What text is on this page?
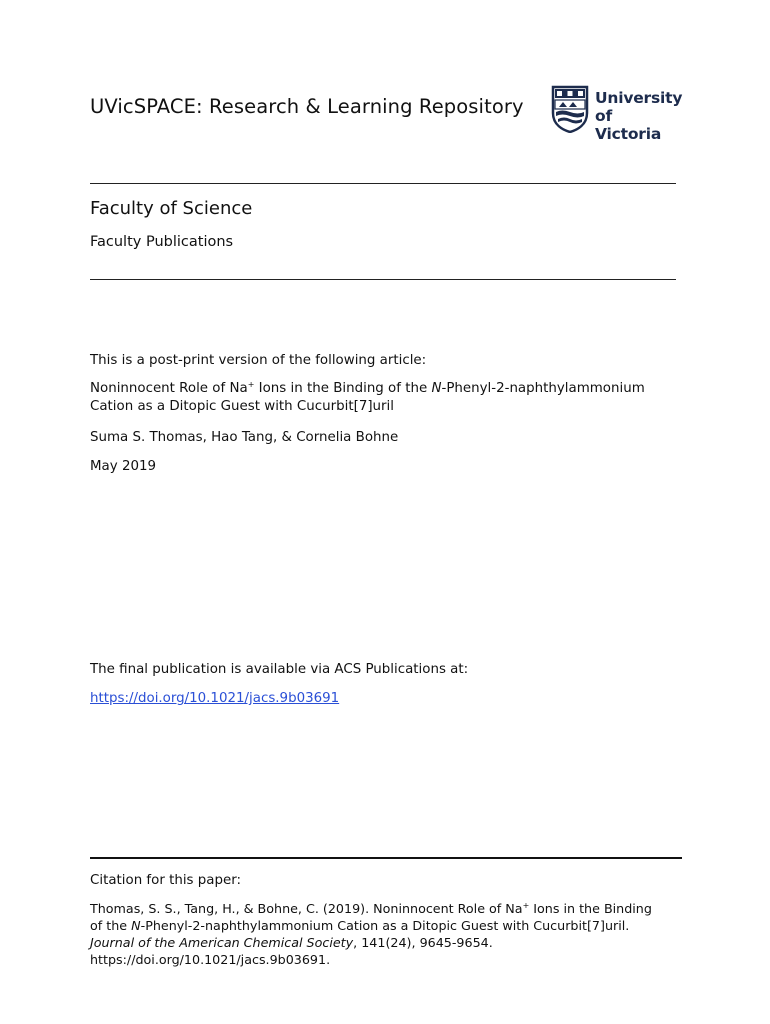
UVicSPACE: Research & Learning Repository	University
of Victoria
Faculty of Science
Faculty Publications
This is a post-print version of the following article:
Noninnocent Role of Na+ Ions in the Binding of the N-Phenyl-2-naphthylammonium
Cation as a Ditopic Guest with Cucurbit[7]uril
Suma S. Thomas, Hao Tang, & Cornelia Bohne
May 2019
The final publication is available via ACS Publications at:
https://doi.org/10.1021/jacs.9b03691
Citation for this paper:
Thomas, S. S., Tang, H., & Bohne, C. (2019). Noninnocent Role of Na+ Ions in the Binding
of the N-Phenyl-2-naphthylammonium Cation as a Ditopic Guest with Cucurbit[7]uril.
Journal of the American Chemical Society, 141(24), 9645-9654.
https://doi.org/10.1021/jacs.9b03691.
